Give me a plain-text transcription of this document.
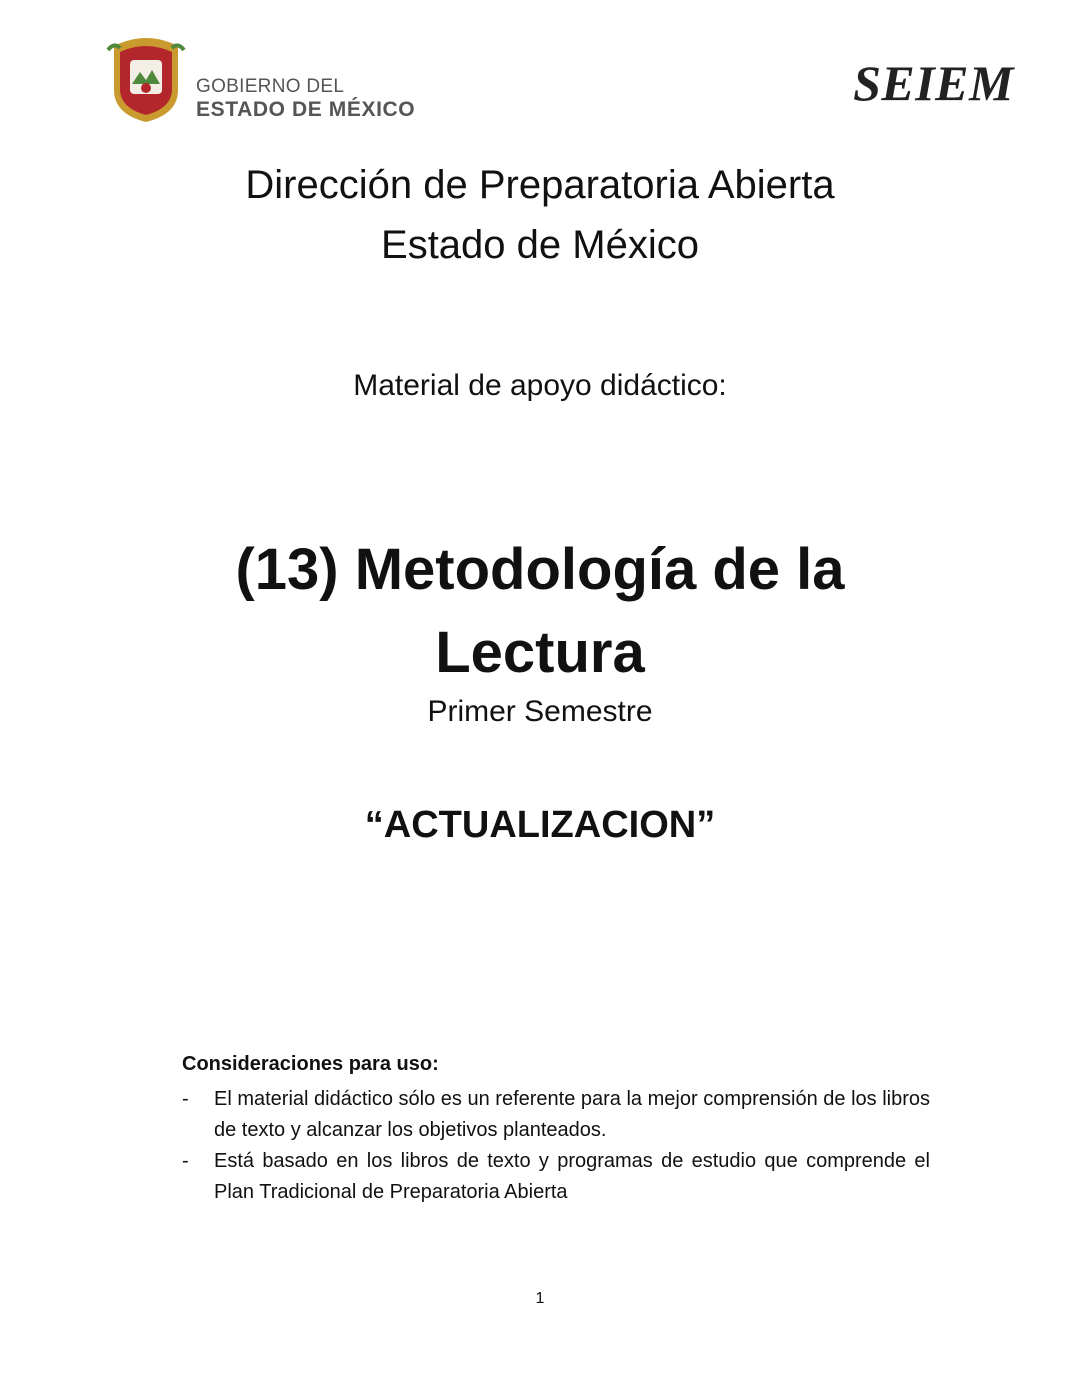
GOBIERNO DEL
ESTADO DE MÉXICO	SEIEM
Dirección de Preparatoria Abierta
Estado de México
Material de apoyo didáctico:
(13) Metodología de la
Lectura
Primer Semestre
“ACTUALIZACION”
Consideraciones para uso:
- El material didáctico sólo es un referente para la mejor comprensión de los libros de texto y alcanzar los objetivos planteados.
- Está basado en los libros de texto y programas de estudio que comprende el Plan Tradicional de Preparatoria Abierta
1
